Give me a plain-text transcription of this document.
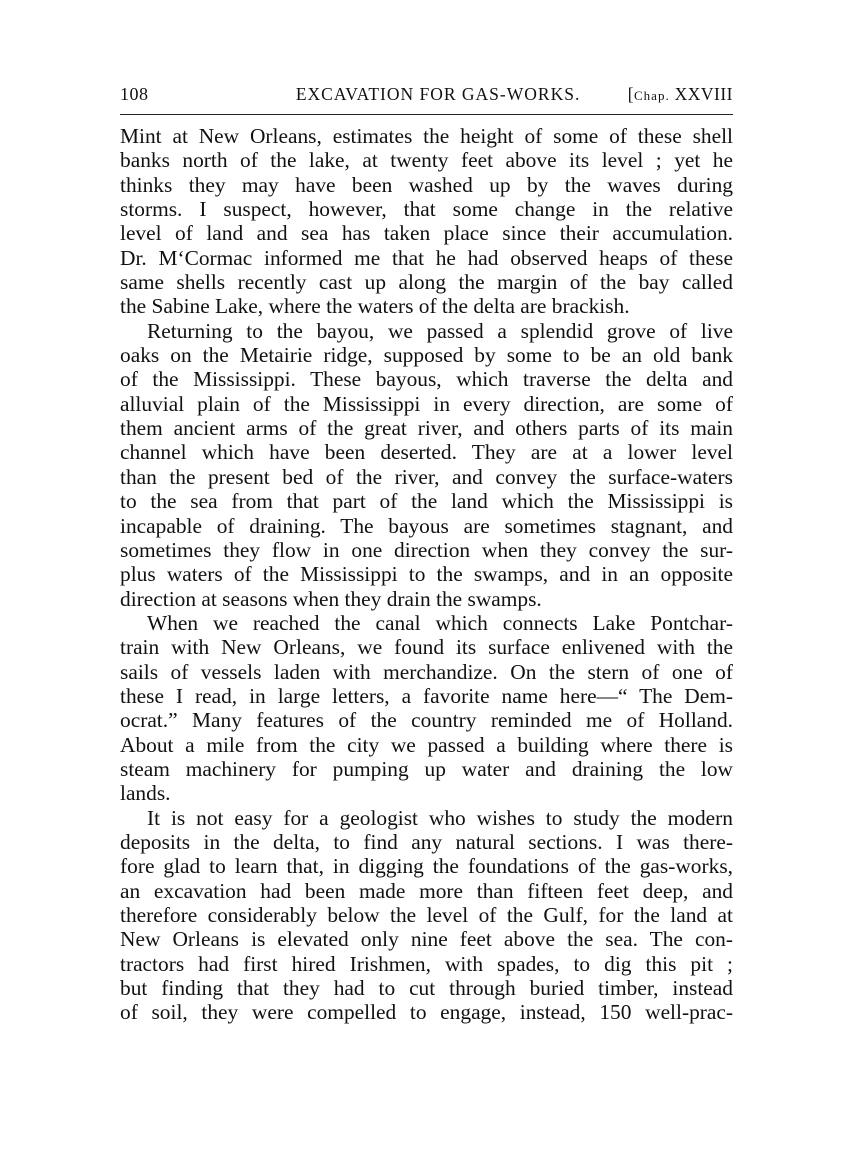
108	EXCAVATION FOR GAS-WORKS.	[Chap. XXVIII
Mint at New Orleans, estimates the height of some of these shell
banks north of the lake, at twenty feet above its level ; yet he
thinks they may have been washed up by the waves during
storms. I suspect, however, that some change in the relative
level of land and sea has taken place since their accumulation.
Dr. M‘Cormac informed me that he had observed heaps of these
same shells recently cast up along the margin of the bay called
the Sabine Lake, where the waters of the delta are brackish.
Returning to the bayou, we passed a splendid grove of live
oaks on the Metairie ridge, supposed by some to be an old bank
of the Mississippi. These bayous, which traverse the delta and
alluvial plain of the Mississippi in every direction, are some of
them ancient arms of the great river, and others parts of its main
channel which have been deserted. They are at a lower level
than the present bed of the river, and convey the surface-waters
to the sea from that part of the land which the Mississippi is
incapable of draining. The bayous are sometimes stagnant, and
sometimes they flow in one direction when they convey the sur-
plus waters of the Mississippi to the swamps, and in an opposite
direction at seasons when they drain the swamps.
When we reached the canal which connects Lake Pontchar-
train with New Orleans, we found its surface enlivened with the
sails of vessels laden with merchandize. On the stern of one of
these I read, in large letters, a favorite name here—“ The Dem-
ocrat.” Many features of the country reminded me of Holland.
About a mile from the city we passed a building where there is
steam machinery for pumping up water and draining the low
lands.
It is not easy for a geologist who wishes to study the modern
deposits in the delta, to find any natural sections. I was there-
fore glad to learn that, in digging the foundations of the gas-works,
an excavation had been made more than fifteen feet deep, and
therefore considerably below the level of the Gulf, for the land at
New Orleans is elevated only nine feet above the sea. The con-
tractors had first hired Irishmen, with spades, to dig this pit ;
but finding that they had to cut through buried timber, instead
of soil, they were compelled to engage, instead, 150 well-prac-
